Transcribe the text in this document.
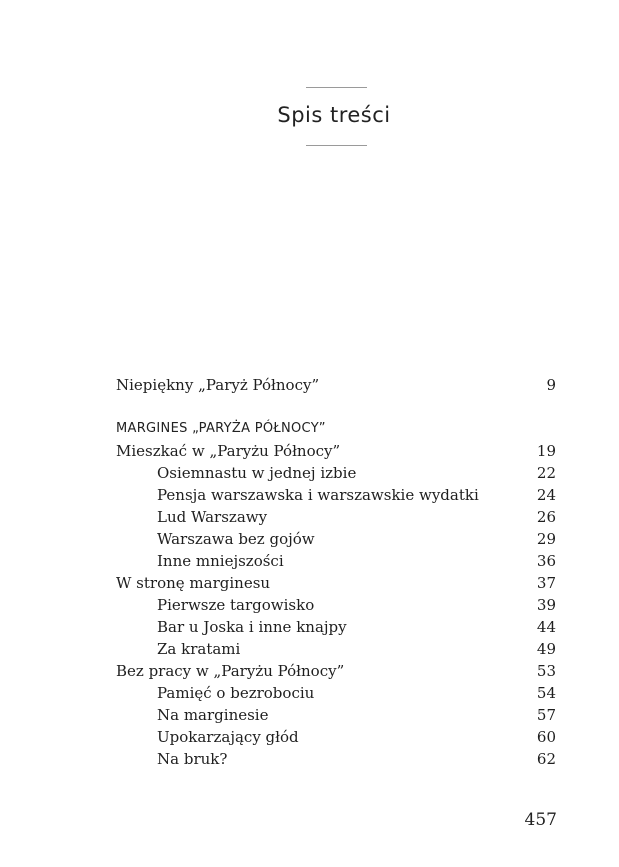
Spis treści
Niepiękny „Paryż Północy”	9
MARGINES „PARYŻA PÓŁNOCY”
Mieszkać w „Paryżu Północy”	19
Osiemnastu w jednej izbie	22
Pensja warszawska i warszawskie wydatki	24
Lud Warszawy	26
Warszawa bez gojów	29
Inne mniejszości	36
W stronę marginesu	37
Pierwsze targowisko	39
Bar u Joska i inne knajpy	44
Za kratami	49
Bez pracy w „Paryżu Północy”	53
Pamięć o bezrobociu	54
Na marginesie	57
Upokarzający głód	60
Na bruk?	62
457
